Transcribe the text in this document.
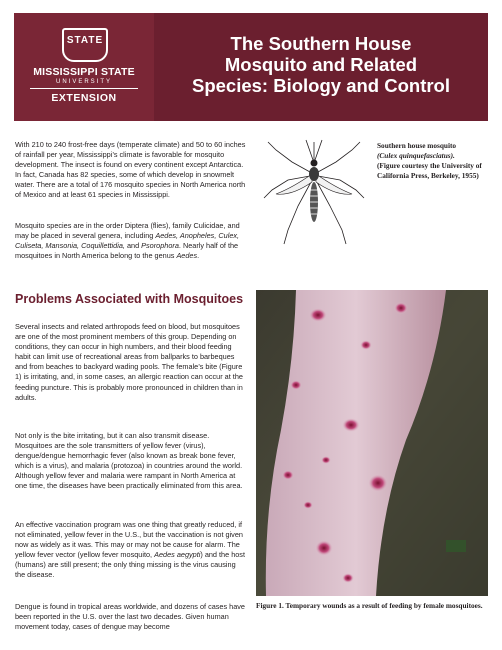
STATE
MISSISSIPPI STATE
UNIVERSITY
EXTENSION
The Southern House
Mosquito and Related
Species: Biology and Control
With 210 to 240 frost-free days (temperate climate) and 50 to 60 inches of rainfall per year, Mississippi’s climate is favorable for mosquito development. The insect is found on every continent except Antarctica. In fact, Canada has 82 species, some of which develop in snowmelt water. There are a total of 176 mosquito species in North America north of Mexico and at least 61 species in Mississippi.
Mosquito species are in the order Diptera (flies), family Culicidae, and may be placed in several genera, including Aedes, Anopheles, Culex, Culiseta, Mansonia, Coquillettidia, and Psorophora. Nearly half of the mosquitoes in North America belong to the genus Aedes.
Southern house mosquito
(Culex quinquefasciatus).
(Figure courtesy the University of California Press, Berkeley, 1955)
Problems Associated with Mosquitoes
Several insects and related arthropods feed on blood, but mosquitoes are one of the most prominent members of this group. Depending on conditions, they can occur in high numbers, and their blood feeding habit can limit use of recreational areas from ballparks to barbeques and from beaches to backyard wading pools. The female’s bite (Figure 1) is irritating, and, in some cases, an allergic reaction can occur at the feeding puncture. This is probably more pronounced in children than in adults.
Not only is the bite irritating, but it can also transmit disease. Mosquitoes are the sole transmitters of yellow fever (virus), dengue/dengue hemorrhagic fever (also known as break bone fever, which is a virus), and malaria (protozoa) in countries around the world. Although yellow fever and malaria were rampant in North America at one time, the diseases have been practically eliminated from this area.
An effective vaccination program was one thing that greatly reduced, if not eliminated, yellow fever in the U.S., but the vaccination is not given now as widely as it was. This may or may not be cause for alarm. The yellow fever vector (yellow fever mosquito, Aedes aegypti) and the host (humans) are still present; the only thing missing is the virus causing the disease.
Dengue is found in tropical areas worldwide, and dozens of cases have been reported in the U.S. over the last two decades. Given human movement today, cases of dengue may become
Figure 1. Temporary wounds as a result of feeding by female mosquitoes.
